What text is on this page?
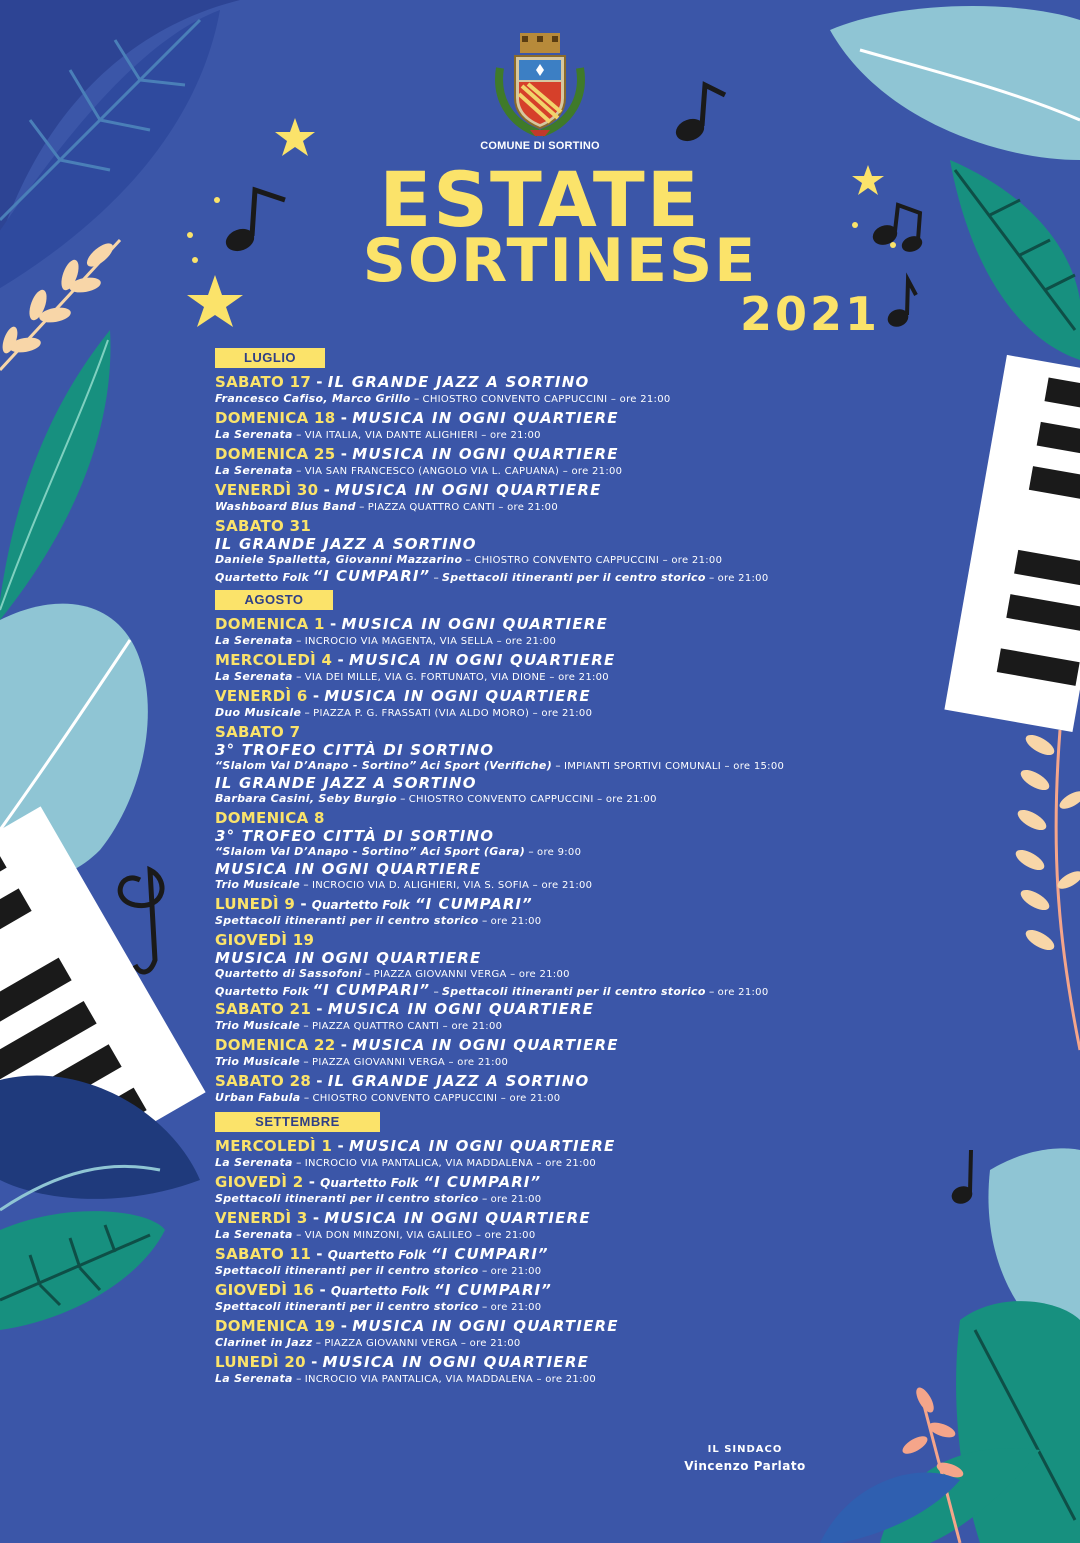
COMUNE DI SORTINO
ESTATE
SORTINESE
2021
LUGLIO
SABATO 17 - IL GRANDE JAZZ A SORTINO
Francesco Cafiso, Marco Grillo – CHIOSTRO CONVENTO CAPPUCCINI – ore 21:00
DOMENICA 18 - MUSICA IN OGNI QUARTIERE
La Serenata – VIA ITALIA, VIA DANTE ALIGHIERI – ore 21:00
DOMENICA 25 - MUSICA IN OGNI QUARTIERE
La Serenata – VIA SAN FRANCESCO (ANGOLO VIA L. CAPUANA) – ore 21:00
VENERDÌ 30 - MUSICA IN OGNI QUARTIERE
Washboard Blus Band – PIAZZA QUATTRO CANTI – ore 21:00
SABATO 31
IL GRANDE JAZZ A SORTINO
Daniele Spalletta, Giovanni Mazzarino – CHIOSTRO CONVENTO CAPPUCCINI – ore 21:00
Quartetto Folk “I CUMPARI” – Spettacoli itineranti per il centro storico – ore 21:00
AGOSTO
DOMENICA 1 - MUSICA IN OGNI QUARTIERE
La Serenata – INCROCIO VIA MAGENTA, VIA SELLA – ore 21:00
MERCOLEDÌ 4 - MUSICA IN OGNI QUARTIERE
La Serenata – VIA DEI MILLE, VIA G. FORTUNATO, VIA DIONE – ore 21:00
VENERDÌ 6 - MUSICA IN OGNI QUARTIERE
Duo Musicale – PIAZZA P. G. FRASSATI (VIA ALDO MORO) – ore 21:00
SABATO 7
3° TROFEO CITTÀ DI SORTINO
“Slalom Val D’Anapo - Sortino” Aci Sport (Verifiche) – IMPIANTI SPORTIVI COMUNALI – ore 15:00
IL GRANDE JAZZ A SORTINO
Barbara Casini, Seby Burgio – CHIOSTRO CONVENTO CAPPUCCINI – ore 21:00
DOMENICA 8
3° TROFEO CITTÀ DI SORTINO
“Slalom Val D’Anapo - Sortino” Aci Sport (Gara) – ore 9:00
MUSICA IN OGNI QUARTIERE
Trio Musicale – INCROCIO VIA D. ALIGHIERI, VIA S. SOFIA – ore 21:00
LUNEDÌ 9 - Quartetto Folk “I CUMPARI”
Spettacoli itineranti per il centro storico – ore 21:00
GIOVEDÌ 19
MUSICA IN OGNI QUARTIERE
Quartetto di Sassofoni – PIAZZA GIOVANNI VERGA – ore 21:00
Quartetto Folk “I CUMPARI” – Spettacoli itineranti per il centro storico – ore 21:00
SABATO 21 - MUSICA IN OGNI QUARTIERE
Trio Musicale – PIAZZA QUATTRO CANTI – ore 21:00
DOMENICA 22 - MUSICA IN OGNI QUARTIERE
Trio Musicale – PIAZZA GIOVANNI VERGA – ore 21:00
SABATO 28 - IL GRANDE JAZZ A SORTINO
Urban Fabula – CHIOSTRO CONVENTO CAPPUCCINI – ore 21:00
SETTEMBRE
MERCOLEDÌ 1 - MUSICA IN OGNI QUARTIERE
La Serenata – INCROCIO VIA PANTALICA, VIA MADDALENA – ore 21:00
GIOVEDÌ 2 - Quartetto Folk “I CUMPARI”
Spettacoli itineranti per il centro storico – ore 21:00
VENERDÌ 3 - MUSICA IN OGNI QUARTIERE
La Serenata – VIA DON MINZONI, VIA GALILEO – ore 21:00
SABATO 11 - Quartetto Folk “I CUMPARI”
Spettacoli itineranti per il centro storico – ore 21:00
GIOVEDÌ 16 - Quartetto Folk “I CUMPARI”
Spettacoli itineranti per il centro storico – ore 21:00
DOMENICA 19 - MUSICA IN OGNI QUARTIERE
Clarinet in Jazz – PIAZZA GIOVANNI VERGA – ore 21:00
LUNEDÌ 20 - MUSICA IN OGNI QUARTIERE
La Serenata – INCROCIO VIA PANTALICA, VIA MADDALENA – ore 21:00
IL SINDACO
Vincenzo Parlato
